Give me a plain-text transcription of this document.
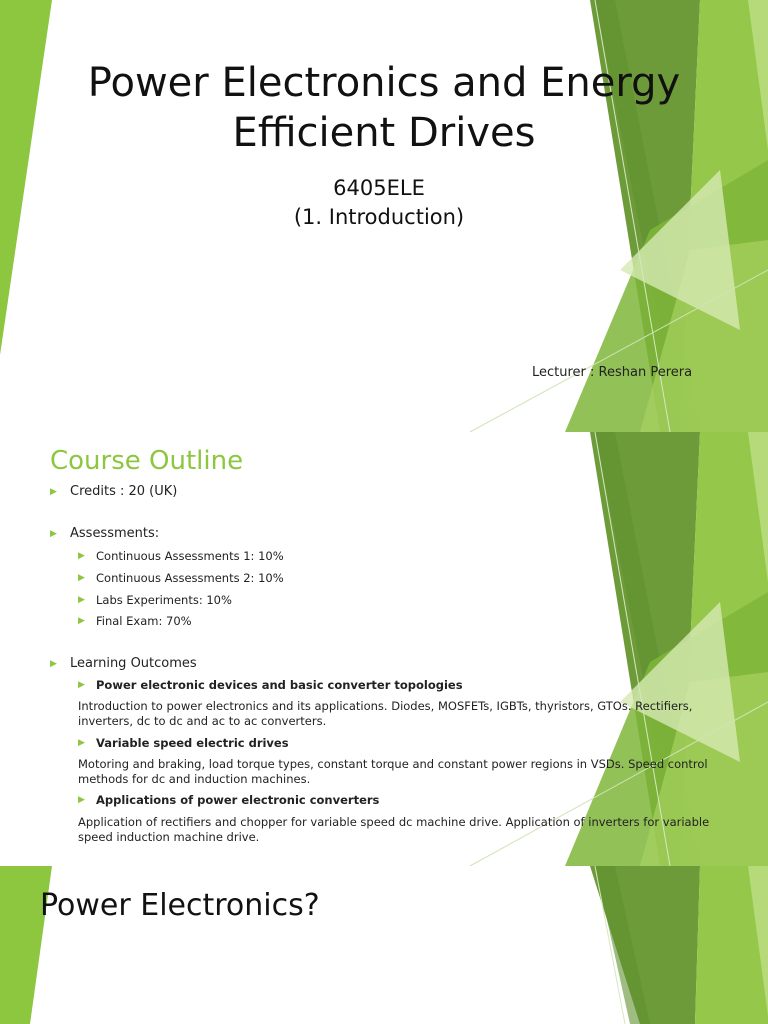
Power Electronics and Energy
Efficient Drives
6405ELE
(1. Introduction)
Lecturer : Reshan Perera
Course Outline
▶ Credits : 20 (UK)
▶ Assessments:
▶ Continuous Assessments 1: 10%
▶ Continuous Assessments 2: 10%
▶ Labs Experiments: 10%
▶ Final Exam: 70%
▶ Learning Outcomes
▶ Power electronic devices and basic converter topologies
Introduction to power electronics and its applications. Diodes, MOSFETs, IGBTs, thyristors, GTOs. Rectifiers, inverters, dc to dc and ac to ac converters.
▶ Variable speed electric drives
Motoring and braking, load torque types, constant torque and constant power regions in VSDs. Speed control methods for dc and induction machines.
▶ Applications of power electronic converters
Application of rectifiers and chopper for variable speed dc machine drive. Application of inverters for variable speed induction machine drive.
Power Electronics?
